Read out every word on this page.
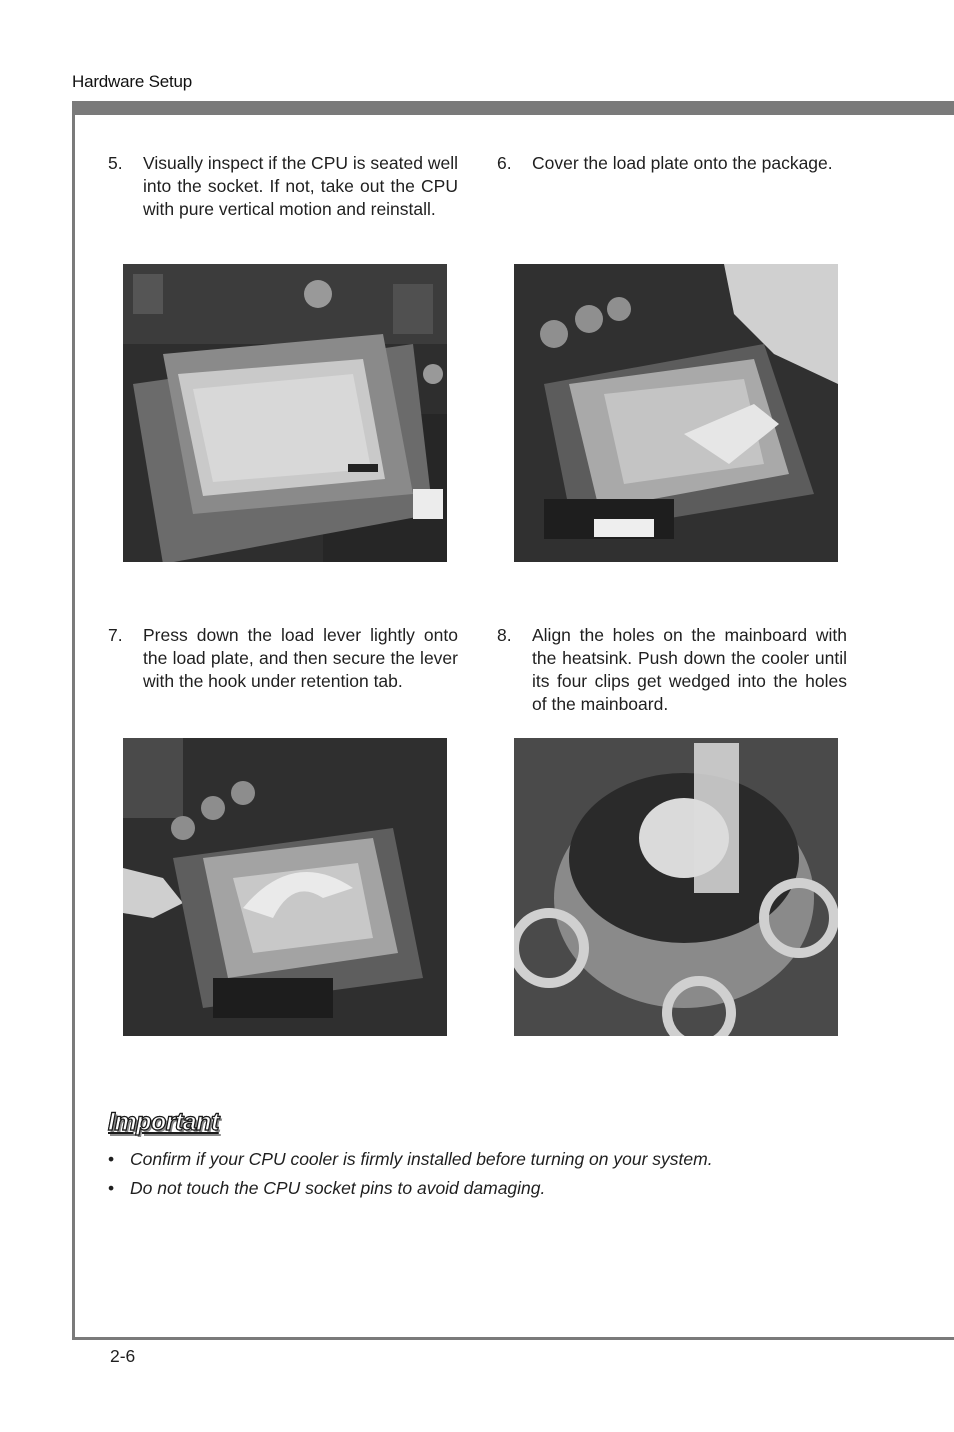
Hardware Setup
5. Visually inspect if the CPU is seated well into the socket. If not, take out the CPU with pure vertical motion and reinstall.
6. Cover the load plate onto the package.
7. Press down the load lever lightly onto the load plate, and then secure the lever with the hook under retention tab.
8. Align the holes on the mainboard with the heatsink. Push down the cooler until its four clips get wedged into the holes of the mainboard.
Important
• Confirm if your CPU cooler is firmly installed before turning on your system.
• Do not touch the CPU socket pins to avoid damaging.
2-6
